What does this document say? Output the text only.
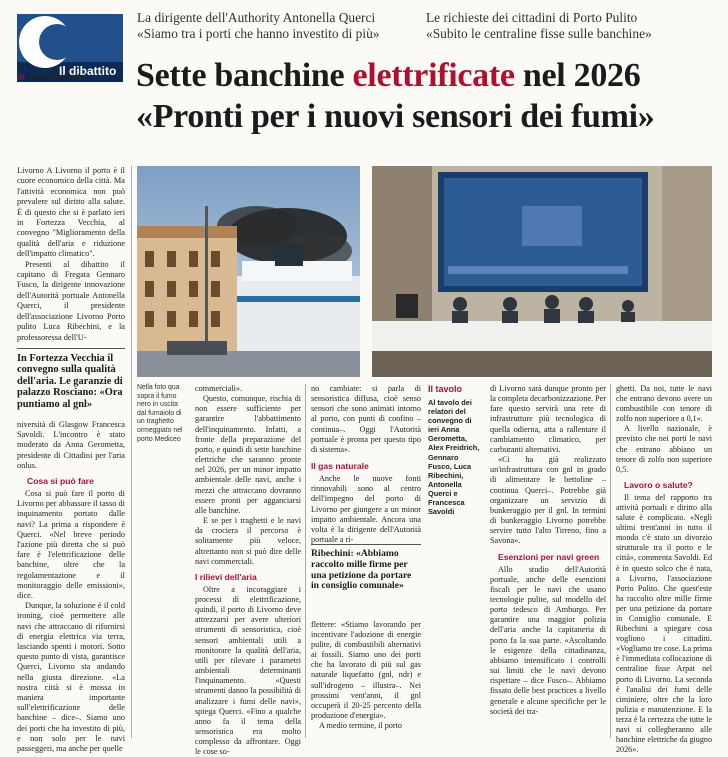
Il dibattito
di Luca Balestri
La dirigente dell'Authority Antonella Querci
«Siamo tra i porti che hanno investito di più»
Le richieste dei cittadini di Porto Pulito
«Subito le centraline fisse sulle banchine»
Sette banchine elettrificate nel 2026
«Pronti per i nuovi sensori dei fumi»

Livorno A Livorno il porto è il cuore economico della città. Ma l'attività economica non può prevalere sul diritto alla salute. È di questo che si è parlato ieri in Fortezza Vecchia, al convegno "Miglioramento della qualità dell'aria e riduzione dell'impatto climatico".

Presenti al dibattito il capitano di Fregata Gennaro Fusco, la dirigente innovazione dell'Autorità portuale Antonella Querci, il presidente dell'associazione Livorno Porto pulito Luca Ribechini, e la professoressa dell'U-

In Fortezza Vecchia il convegno sulla qualità dell'aria. Le garanzie di palazzo Rosciano: «Ora puntiamo al gnl»

niversità di Glasgow Francesca Savoldi. L'incontro è stato moderato da Anna Gerometta, presidente di Cittadini per l'aria onlus.

Cosa si può fare

Cosa si può fare il porto di Livorno per abbassare il tasso di inquinamento portato dalle navi? La prima a rispondere è Querci. «Nel breve periodo l'azione più diretta che si può fare è l'elettrificazione delle banchine, oltre che la regolamentazione e il monitoraggio delle emissioni», dice.

Dunque, la soluzione è il cold ironing, cioè permettere alle navi che attraccano di rifornirsi di energia elettrica via terra, lasciando spenti i motori. Sotto questo punto di vista, garantisce Querci, Livorno sta andando nella giusta direzione. «La nostra città si è mossa in maniera importante sull'elettrificazione delle banchine – dice–. Siamo uno dei porti che ha investito di più, e non solo per le navi passeggeri, ma anche per quelle

Nella foto qua sopra il fumo nero in uscita dal fumaiolo di un traghetto ormeggiato nel porto Mediceo

commerciali».

Questo, comunque, rischia di non essere sufficiente per garantire l'abbattimento dell'inquinamento. Infatti, a fronte della preparazione del porto, e quindi di sette banchine elettriche che saranno pronte nel 2026, per un minor impatto ambientale delle navi, anche i mezzi che attraccano dovranno essere pronti per agganciarsi alle banchine.

E se per i traghetti e le navi da crociera il percorso è solitamente più veloce, altrettanto non si può dire delle navi commerciali.

I rilievi dell'aria

Oltre a incoraggiare i processi di elettrificazione, quindi, il porto di Livorno deve attrezzarsi per avere ulteriori strumenti di sensoristica, cioè sensori ambientali utili a monitorare la qualità dell'aria, utili per rilevare i parametri ambientali determinanti l'inquinamento. «Questi strumenti danno la possibilità di analizzare i fumi delle navi», spiega Querci. «Fino a qualche anno fa il tema della sensoristica era molto complesso da affrontare. Oggi le cose so-

no cambiate: si parla di sensoristica diffusa, cioè senso sensori che sono animati intorno al porto, con punti di confino – continua–. Oggi l'Autorità portuale è pronta per questo tipo di sistema».

Il gas naturale

Anche le nuove fonti rinnovabili sono al centro dell'impegno del porto di Livorno per giungere a un minor impatto ambientale. Ancora una volta è la dirigente dell'Autorità portuale a ri-

Ribechini: «Abbiamo raccolto mille firme per una petizione da portare in consiglio comunale»

flettere: «Stiamo lavorando per incentivare l'adozione di energie pulite, di combustibili alternativi ai fossili. Siamo uno dei porti che ha lavorato di più sul gas naturale liquefatto (gnl, ndr) e sull'idrogeno – illustra–. Nei prossimi vent'anni, il gnl occuperà il 20-25 percento della produzione d'energia».

A medio termine, il porto

Il tavolo
Al tavolo dei relatori del convegno di ieri Anna Gerometta, Alex Freidrich, Gennaro Fusco, Luca Ribechini, Antonella Querci e Francesca Savoldi

di Livorno sarà dunque pronto per la completa decarbonizzazione. Per fare questo servirà una rete di infrastrutture più tecnologica di quella odierna, atta a rallentare il cambiamento climatico, per carburanti alternativi.

«Ci ha già realizzato un'infrastruttura con gnl in grado di alimentare le bettoline – continua Querci–. Potrebbe già organizzare un servizio di bunkeraggio per il gnl. In termini di bunkeraggio Livorno potrebbe servire tutto l'alto Tirreno, fino a Savona».

Esenzioni per navi green

Allo studio dell'Autorità portuale, anche delle esenzioni fiscali per le navi che usano tecnologie pulite, sul modello del porto tedesco di Amburgo. Per garantire una maggior polizia dell'aria anche la capitaneria di porto fa la sua parte. «Ascoltando le esigenze della cittadinanza, abbiamo intensificato i controlli sui limiti che le navi devono rispettare – dice Fusco–. Abbiamo fissato delle best practices a livello generale e alcune specifiche per le società dei tra-

ghetti. Da noi, tutte le navi che entrano devono avere un combustibile con tenore di zolfo non superiore a 0,1».

A livello nazionale, è previsto che nei porti le navi che entrano abbiano un tenore di zolfo non superiore 0,5.

Lavoro o salute?

Il tema del rapporto tra attività portuali e diritto alla salute è complicato. «Negli ultimi trent'anni in tutto il mondo c'è stato un divorzio strutturale tra il porto e le città», commenta Savoldi. Ed è in questo solco che è nata, a Livorno, l'associazione Porto Pulito. Che quest'este ha raccolto oltre mille firme per una petizione da portare in Consiglio comunale. E Ribechini a spiegare cosa vogliono i cittadini. «Vogliamo tre cose. La prima è l'immediata collocazione di centraline fisse Arpat nel porto di Livorno. La seconda è l'analisi dei fumi delle ciminiere, oltre che la loro pulizia e manutenzione. E la terza è la certezza che tutte le navi si collegheranno alle banchine elettriche da giugno 2026».
